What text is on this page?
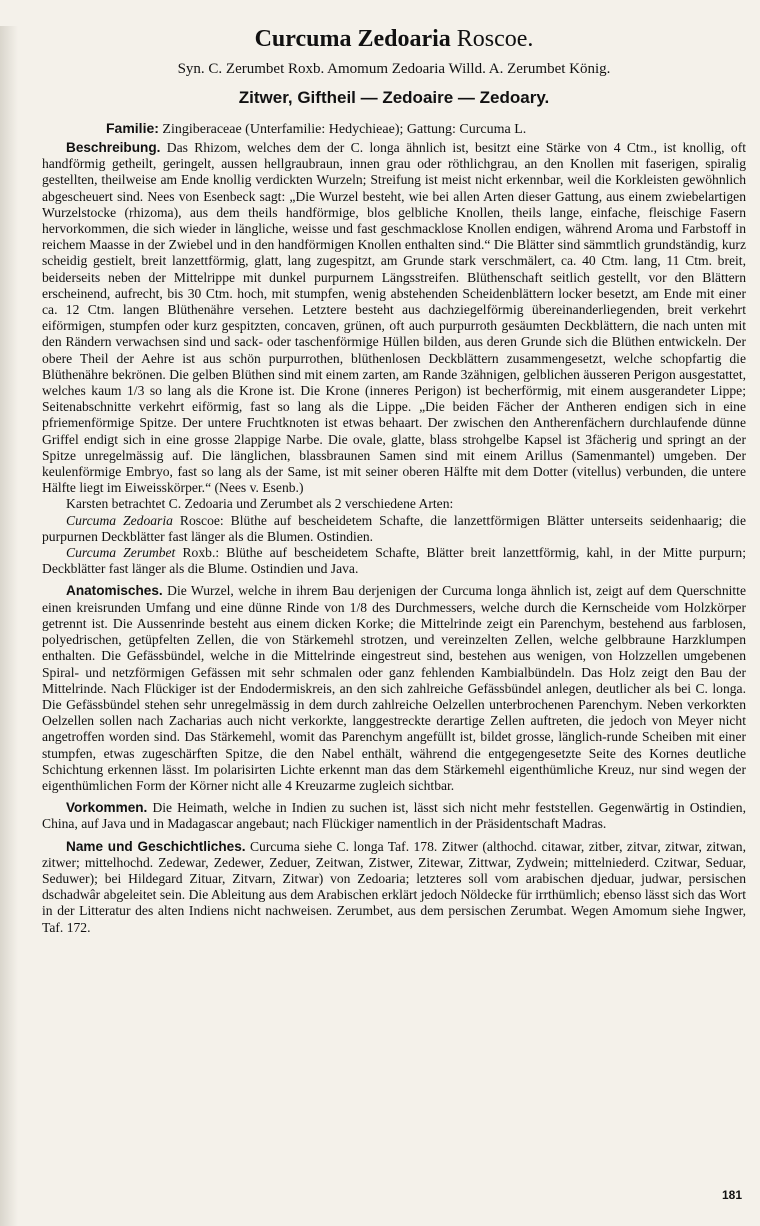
Curcuma Zedoaria Roscoe.
Syn. C. Zerumbet Roxb. Amomum Zedoaria Willd. A. Zerumbet König.
Zitwer, Giftheil — Zedoaire — Zedoary.
Familie: Zingiberaceae (Unterfamilie: Hedychieae); Gattung: Curcuma L.

Beschreibung. Das Rhizom, welches dem der C. longa ähnlich ist, besitzt eine Stärke von 4 Ctm., ist knollig, oft handförmig getheilt, geringelt, aussen hellgraubraun, innen grau oder röthlichgrau, an den Knollen mit faserigen, spiralig gestellten, theilweise am Ende knollig verdickten Wurzeln; Streifung ist meist nicht erkennbar, weil die Korkleisten gewöhnlich abgescheuert sind. Nees von Esenbeck sagt: „Die Wurzel besteht, wie bei allen Arten dieser Gattung, aus einem zwiebelartigen Wurzelstocke (rhizoma), aus dem theils handförmige, blos gelbliche Knollen, theils lange, einfache, fleischige Fasern hervorkommen, die sich wieder in längliche, weisse und fast geschmacklose Knollen endigen, während Aroma und Farbstoff in reichem Maasse in der Zwiebel und in den handförmigen Knollen enthalten sind.“ Die Blätter sind sämmtlich grundständig, kurz scheidig gestielt, breit lanzettförmig, glatt, lang zugespitzt, am Grunde stark verschmälert, ca. 40 Ctm. lang, 11 Ctm. breit, beiderseits neben der Mittelrippe mit dunkel purpurnem Längsstreifen. Blüthenschaft seitlich gestellt, vor den Blättern erscheinend, aufrecht, bis 30 Ctm. hoch, mit stumpfen, wenig abstehenden Scheidenblättern locker besetzt, am Ende mit einer ca. 12 Ctm. langen Blüthenähre versehen. Letztere besteht aus dachziegelförmig übereinanderliegenden, breit verkehrt eiförmigen, stumpfen oder kurz gespitzten, concaven, grünen, oft auch purpurroth gesäumten Deckblättern, die nach unten mit den Rändern verwachsen sind und sack- oder taschenförmige Hüllen bilden, aus deren Grunde sich die Blüthen entwickeln. Der obere Theil der Aehre ist aus schön purpurrothen, blüthenlosen Deckblättern zusammengesetzt, welche schopfartig die Blüthenähre bekrönen. Die gelben Blüthen sind mit einem zarten, am Rande 3zähnigen, gelblichen äusseren Perigon ausgestattet, welches kaum 1/3 so lang als die Krone ist. Die Krone (inneres Perigon) ist becherförmig, mit einem ausgerandeter Lippe; Seitenabschnitte verkehrt eiförmig, fast so lang als die Lippe. „Die beiden Fächer der Antheren endigen sich in eine pfriemenförmige Spitze. Der untere Fruchtknoten ist etwas behaart. Der zwischen den Antherenfächern durchlaufende dünne Griffel endigt sich in eine grosse 2lappige Narbe. Die ovale, glatte, blass strohgelbe Kapsel ist 3fächerig und springt an der Spitze unregelmässig auf. Die länglichen, blassbraunen Samen sind mit einem Arillus (Samenmantel) umgeben. Der keulenförmige Embryo, fast so lang als der Same, ist mit seiner oberen Hälfte mit dem Dotter (vitellus) verbunden, die untere Hälfte liegt im Eiweisskörper.“ (Nees v. Esenb.)

Karsten betrachtet C. Zedoaria und Zerumbet als 2 verschiedene Arten:

Curcuma Zedoaria Roscoe: Blüthe auf bescheidetem Schafte, die lanzettförmigen Blätter unterseits seidenhaarig; die purpurnen Deckblätter fast länger als die Blumen. Ostindien.

Curcuma Zerumbet Roxb.: Blüthe auf bescheidetem Schafte, Blätter breit lanzettförmig, kahl, in der Mitte purpurn; Deckblätter fast länger als die Blume. Ostindien und Java.

Anatomisches. Die Wurzel, welche in ihrem Bau derjenigen der Curcuma longa ähnlich ist, zeigt auf dem Querschnitte einen kreisrunden Umfang und eine dünne Rinde von 1/8 des Durchmessers, welche durch die Kernscheide vom Holzkörper getrennt ist. Die Aussenrinde besteht aus einem dicken Korke; die Mittelrinde zeigt ein Parenchym, bestehend aus farblosen, polyedrischen, getüpfelten Zellen, die von Stärkemehl strotzen, und vereinzelten Zellen, welche gelbbraune Harzklumpen enthalten. Die Gefässbündel, welche in die Mittelrinde eingestreut sind, bestehen aus wenigen, von Holzzellen umgebenen Spiral- und netzförmigen Gefässen mit sehr schmalen oder ganz fehlenden Kambialbündeln. Das Holz zeigt den Bau der Mittelrinde. Nach Flückiger ist der Endodermiskreis, an den sich zahlreiche Gefässbündel anlegen, deutlicher als bei C. longa. Die Gefässbündel stehen sehr unregelmässig in dem durch zahlreiche Oelzellen unterbrochenen Parenchym. Neben verkorkten Oelzellen sollen nach Zacharias auch nicht verkorkte, langgestreckte derartige Zellen auftreten, die jedoch von Meyer nicht angetroffen worden sind. Das Stärkemehl, womit das Parenchym angefüllt ist, bildet grosse, länglich-runde Scheiben mit einer stumpfen, etwas zugeschärften Spitze, die den Nabel enthält, während die entgegengesetzte Seite des Kornes deutliche Schichtung erkennen lässt. Im polarisirten Lichte erkennt man das dem Stärkemehl eigenthümliche Kreuz, nur sind wegen der eigenthümlichen Form der Körner nicht alle 4 Kreuzarme zugleich sichtbar.

Vorkommen. Die Heimath, welche in Indien zu suchen ist, lässt sich nicht mehr feststellen. Gegenwärtig in Ostindien, China, auf Java und in Madagascar angebaut; nach Flückiger namentlich in der Präsidentschaft Madras.

Name und Geschichtliches. Curcuma siehe C. longa Taf. 178. Zitwer (althochd. citawar, zitber, zitvar, zitwar, zitwan, zitwer; mittelhochd. Zedewar, Zedewer, Zeduer, Zeitwan, Zistwer, Zitewar, Zittwar, Zydwein; mittelniederd. Czitwar, Seduar, Seduwer); bei Hildegard Zituar, Zitvarn, Zitwar) von Zedoaria; letzteres soll vom arabischen djeduar, judwar, persischen dschadwâr abgeleitet sein. Die Ableitung aus dem Arabischen erklärt jedoch Nöldecke für irrthümlich; ebenso lässt sich das Wort in der Litteratur des alten Indiens nicht nachweisen. Zerumbet, aus dem persischen Zerumbat. Wegen Amomum siehe Ingwer, Taf. 172.

181
